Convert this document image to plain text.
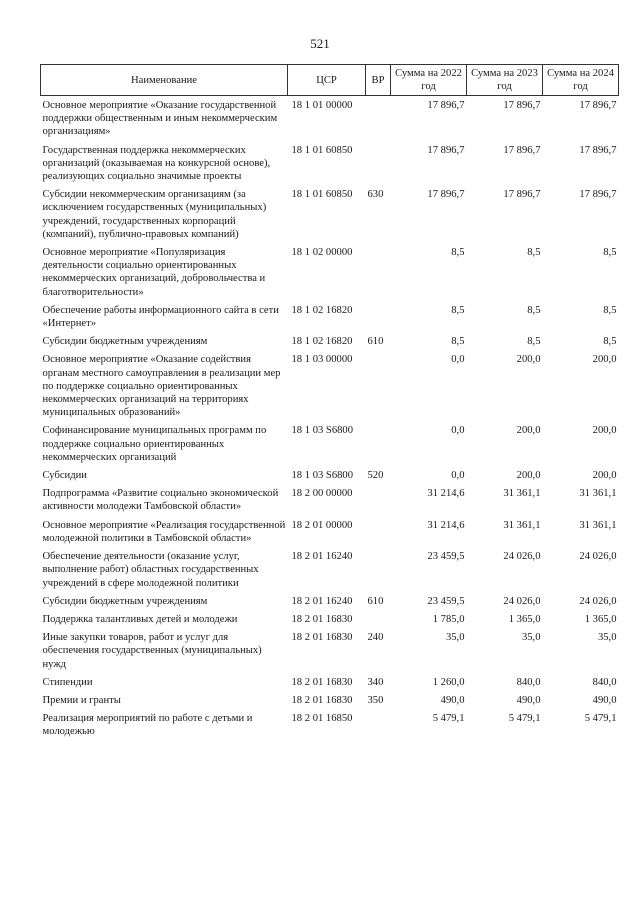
521
Наименование	ЦСР	ВР	Сумма на 2022 год	Сумма на 2023 год	Сумма на 2024 год
Основное мероприятие «Оказание государственной поддержки общественным и иным некоммерческим организациям»	18 1 01 00000		17 896,7	17 896,7	17 896,7
Государственная поддержка некоммерческих организаций (оказываемая на конкурсной основе), реализующих социально значимые проекты	18 1 01 60850		17 896,7	17 896,7	17 896,7
Субсидии некоммерческим организациям (за исключением государственных (муниципальных) учреждений, государственных корпораций (компаний), публично-правовых компаний)	18 1 01 60850	630	17 896,7	17 896,7	17 896,7
Основное мероприятие «Популяризация деятельности социально ориентированных некоммерческих организаций, добровольчества и благотворительности»	18 1 02 00000		8,5	8,5	8,5
Обеспечение работы информационного сайта в сети «Интернет»	18 1 02 16820		8,5	8,5	8,5
Субсидии бюджетным учреждениям	18 1 02 16820	610	8,5	8,5	8,5
Основное мероприятие «Оказание содействия органам местного самоуправления в реализации мер по поддержке социально ориентированных некоммерческих организаций на территориях муниципальных образований»	18 1 03 00000		0,0	200,0	200,0
Софинансирование муниципальных программ по поддержке социально ориентированных некоммерческих организаций	18 1 03 S6800		0,0	200,0	200,0
Субсидии	18 1 03 S6800	520	0,0	200,0	200,0
Подпрограмма «Развитие социально экономической активности молодежи Тамбовской области»	18 2 00 00000		31 214,6	31 361,1	31 361,1
Основное мероприятие «Реализация государственной молодежной политики в Тамбовской области»	18 2 01 00000		31 214,6	31 361,1	31 361,1
Обеспечение деятельности (оказание услуг, выполнение работ) областных государственных учреждений в сфере молодежной политики	18 2 01 16240		23 459,5	24 026,0	24 026,0
Субсидии бюджетным учреждениям	18 2 01 16240	610	23 459,5	24 026,0	24 026,0
Поддержка талантливых детей и молодежи	18 2 01 16830		1 785,0	1 365,0	1 365,0
Иные закупки товаров, работ и услуг для обеспечения государственных (муниципальных) нужд	18 2 01 16830	240	35,0	35,0	35,0
Стипендии	18 2 01 16830	340	1 260,0	840,0	840,0
Премии и гранты	18 2 01 16830	350	490,0	490,0	490,0
Реализация мероприятий по работе с детьми и молодежью	18 2 01 16850		5 479,1	5 479,1	5 479,1
